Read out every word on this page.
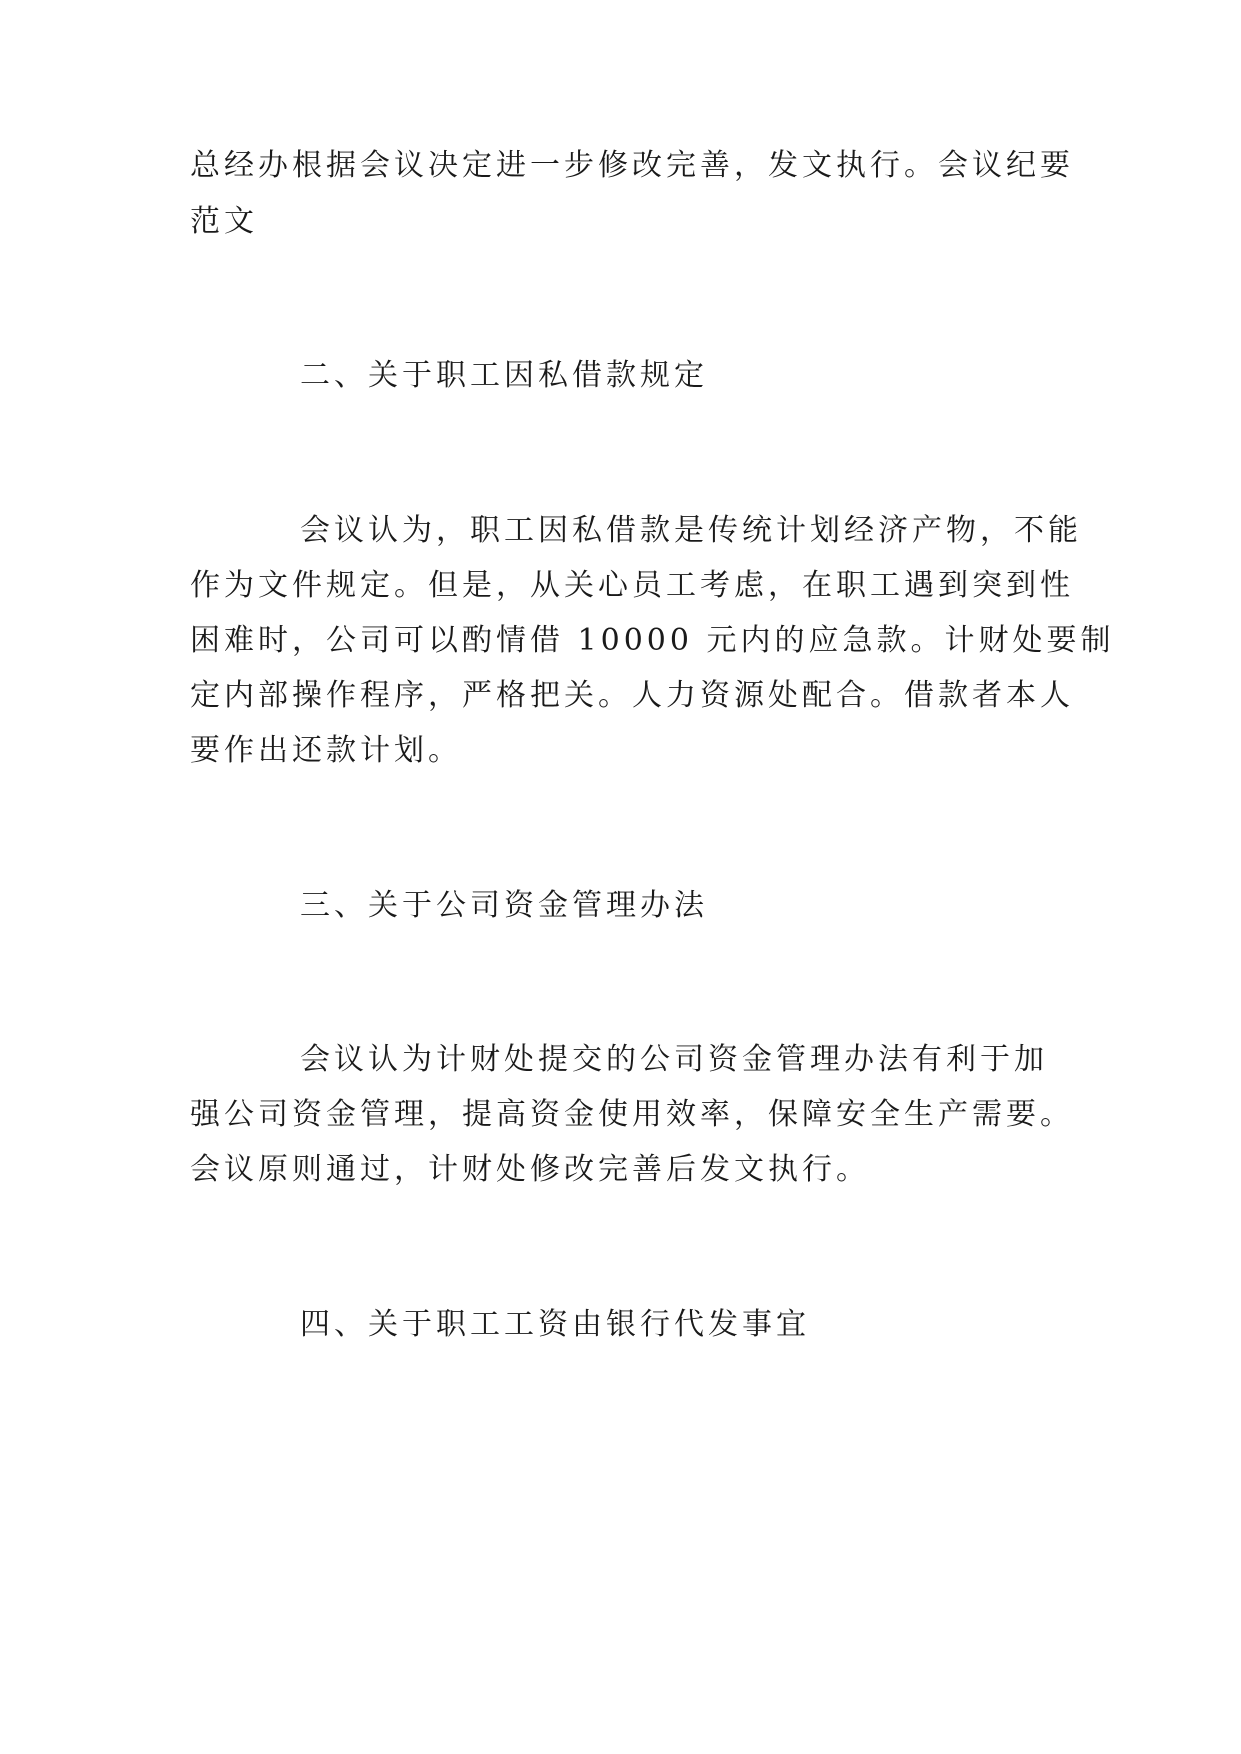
总经办根据会议决定进一步修改完善，发文执行。会议纪要
范文
二、关于职工因私借款规定
会议认为，职工因私借款是传统计划经济产物，不能
作为文件规定。但是，从关心员工考虑，在职工遇到突到性
困难时，公司可以酌情借 10000 元内的应急款。计财处要制
定内部操作程序，严格把关。人力资源处配合。借款者本人
要作出还款计划。
三、关于公司资金管理办法
会议认为计财处提交的公司资金管理办法有利于加
强公司资金管理，提高资金使用效率，保障安全生产需要。
会议原则通过，计财处修改完善后发文执行。
四、关于职工工资由银行代发事宜
